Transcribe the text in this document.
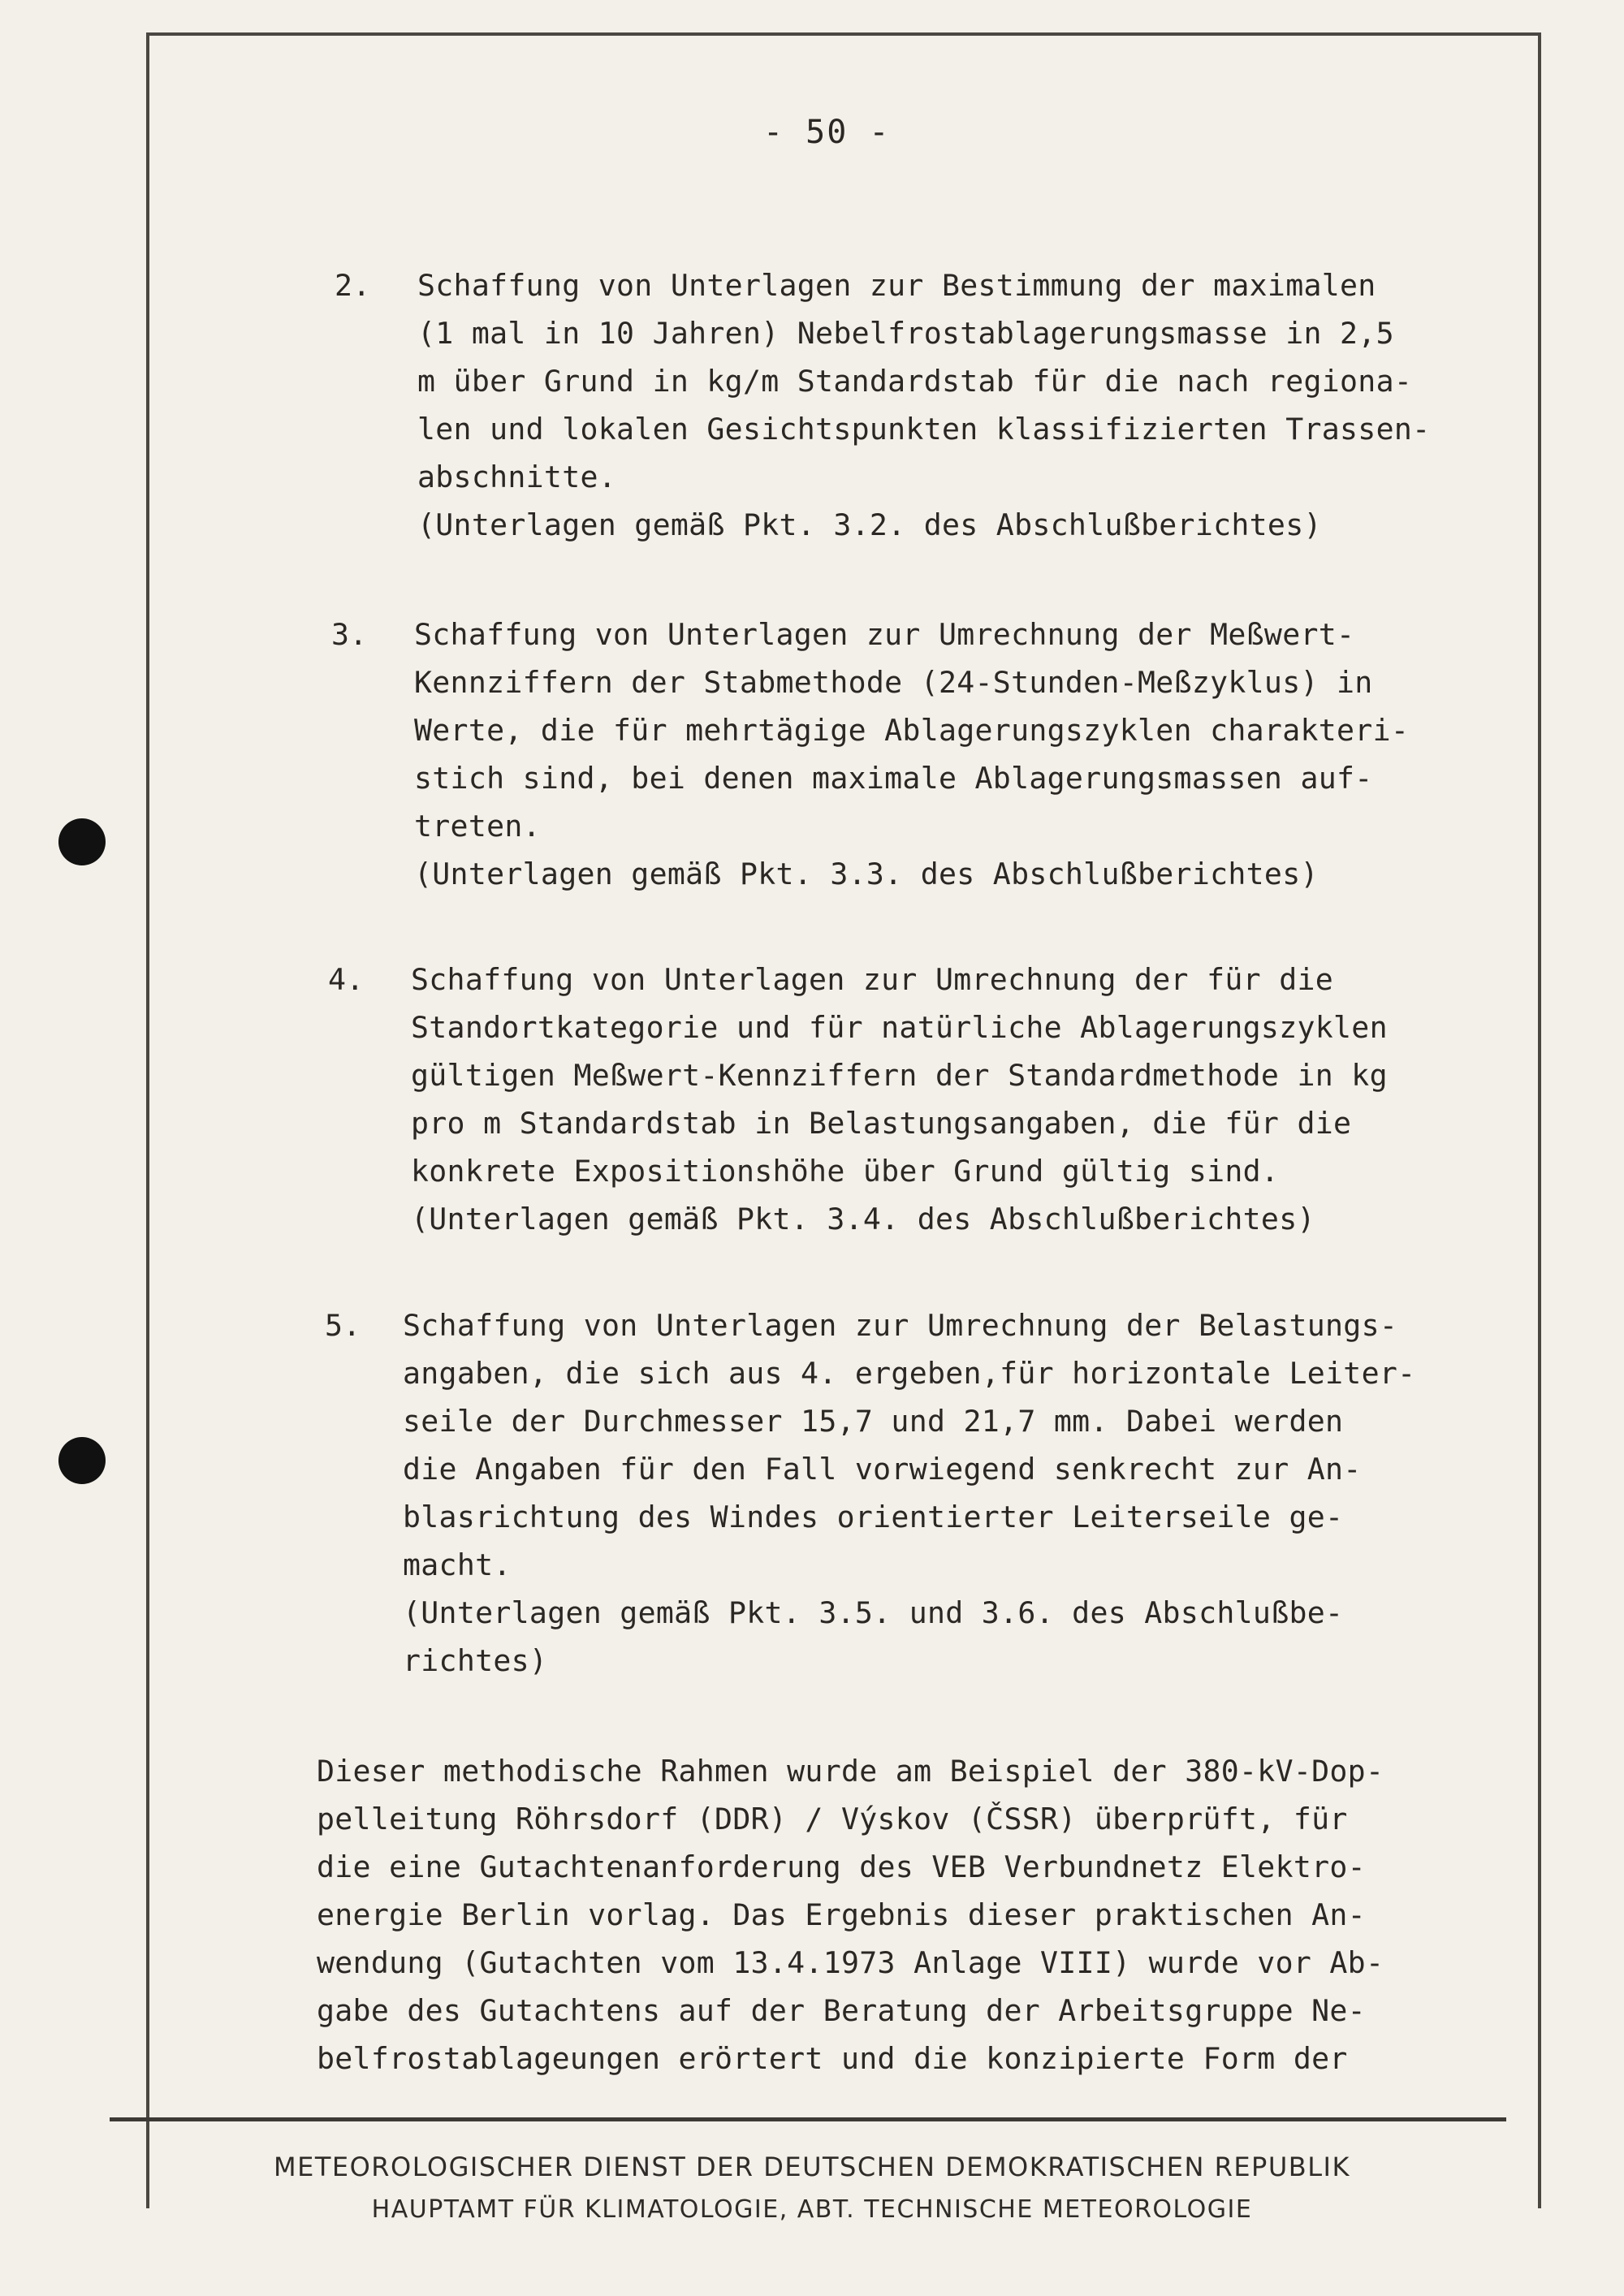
- 50 -
2. Schaffung von Unterlagen zur Bestimmung der maximalen
(1 mal in 10 Jahren) Nebelfrostablagerungsmasse in 2,5
m über Grund in kg/m Standardstab für die nach regiona-
len und lokalen Gesichtspunkten klassifizierten Trassen-
abschnitte.
(Unterlagen gemäß Pkt. 3.2. des Abschlußberichtes)
3. Schaffung von Unterlagen zur Umrechnung der Meßwert-
Kennziffern der Stabmethode (24-Stunden-Meßzyklus) in
Werte, die für mehrtägige Ablagerungszyklen charakteri-
stich sind, bei denen maximale Ablagerungsmassen auf-
treten.
(Unterlagen gemäß Pkt. 3.3. des Abschlußberichtes)
4. Schaffung von Unterlagen zur Umrechnung der für die
Standortkategorie und für natürliche Ablagerungszyklen
gültigen Meßwert-Kennziffern der Standardmethode in kg
pro m Standardstab in Belastungsangaben, die für die
konkrete Expositionshöhe über Grund gültig sind.
(Unterlagen gemäß Pkt. 3.4. des Abschlußberichtes)
5. Schaffung von Unterlagen zur Umrechnung der Belastungs-
angaben, die sich aus 4. ergeben,für horizontale Leiter-
seile der Durchmesser 15,7 und 21,7 mm. Dabei werden
die Angaben für den Fall vorwiegend senkrecht zur An-
blasrichtung des Windes orientierter Leiterseile ge-
macht.
(Unterlagen gemäß Pkt. 3.5. und 3.6. des Abschlußbe-
richtes)
Dieser methodische Rahmen wurde am Beispiel der 380-kV-Dop-
pelleitung Röhrsdorf (DDR) / Výskov (ČSSR) überprüft, für
die eine Gutachtenanforderung des VEB Verbundnetz Elektro-
energie Berlin vorlag. Das Ergebnis dieser praktischen An-
wendung (Gutachten vom 13.4.1973 Anlage VIII) wurde vor Ab-
gabe des Gutachtens auf der Beratung der Arbeitsgruppe Ne-
belfrostablageungen erörtert und die konzipierte Form der
METEOROLOGISCHER DIENST DER DEUTSCHEN DEMOKRATISCHEN REPUBLIK
HAUPTAMT FÜR KLIMATOLOGIE, ABT. TECHNISCHE METEOROLOGIE
